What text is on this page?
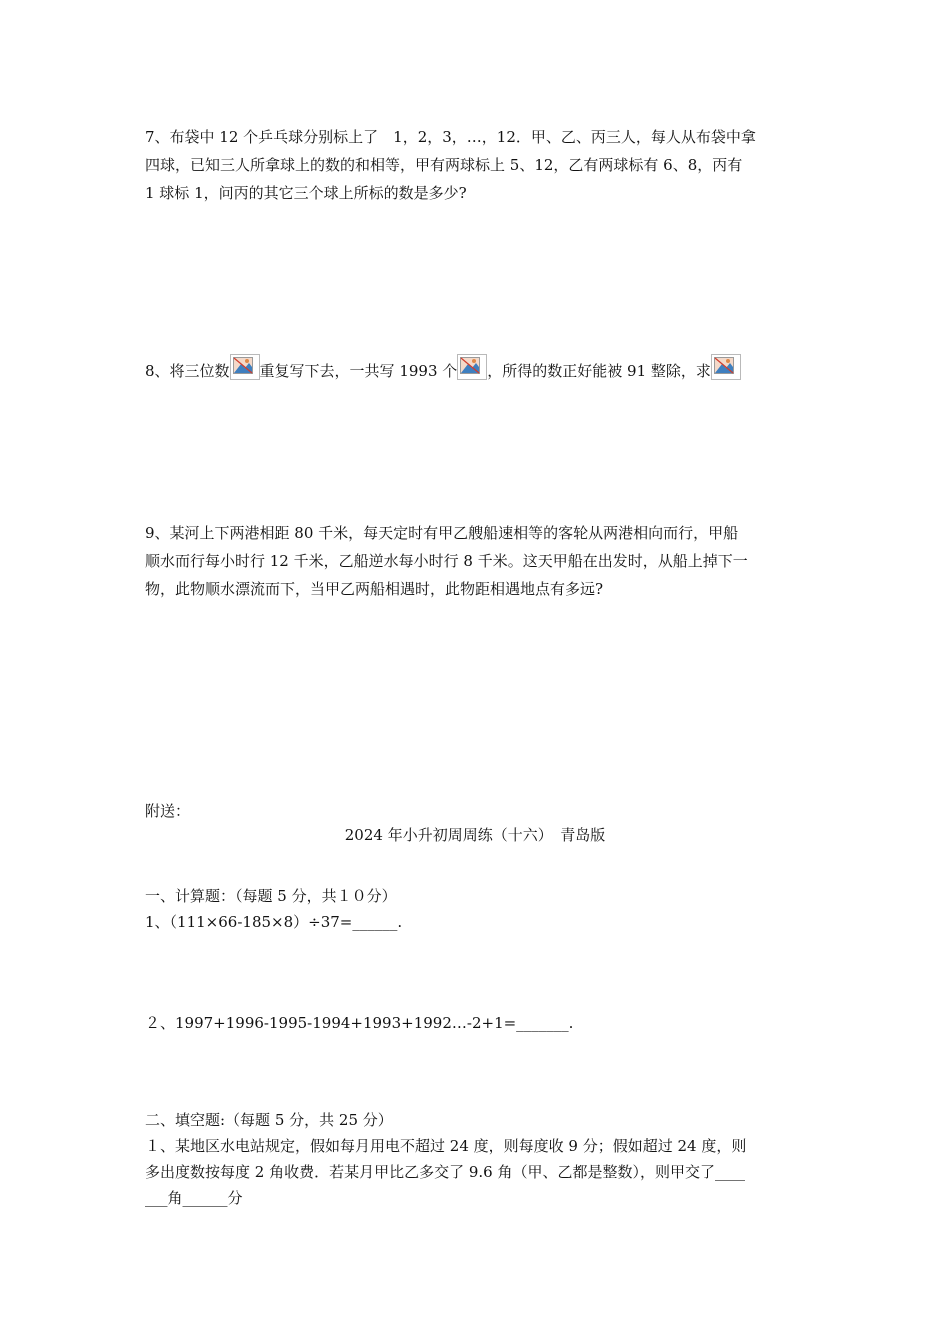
7、布袋中 12 个乒乓球分别标上了　1，2，3，…，12．甲、乙、丙三人，每人从布袋中拿
四球，已知三人所拿球上的数的和相等，甲有两球标上 5、12，乙有两球标有 6、8，丙有
1 球标 1，问丙的其它三个球上所标的数是多少?
8、将三位数 重复写下去，一共写 1993 个 ，所得的数正好能被 91 整除，求
9、某河上下两港相距 80 千米，每天定时有甲乙艘船速相等的客轮从两港相向而行，甲船
顺水而行每小时行 12 千米，乙船逆水每小时行 8 千米。这天甲船在出发时，从船上掉下一
物，此物顺水漂流而下，当甲乙两船相遇时，此物距相遇地点有多远?
附送：
2024 年小升初周周练（十六）　青岛版
一、计算题：（每题 5 分，共１０分）
1、（111×66-185×8）÷37=______.
２、1997+1996-1995-1994+1993+1992…-2+1=_______.
二、填空题:（每题 5 分，共 25 分）
１、某地区水电站规定，假如每月用电不超过 24 度，则每度收 9 分；假如超过 24 度，则
多出度数按每度 2 角收费．若某月甲比乙多交了 9.6 角（甲、乙都是整数），则甲交了____
___角______分
